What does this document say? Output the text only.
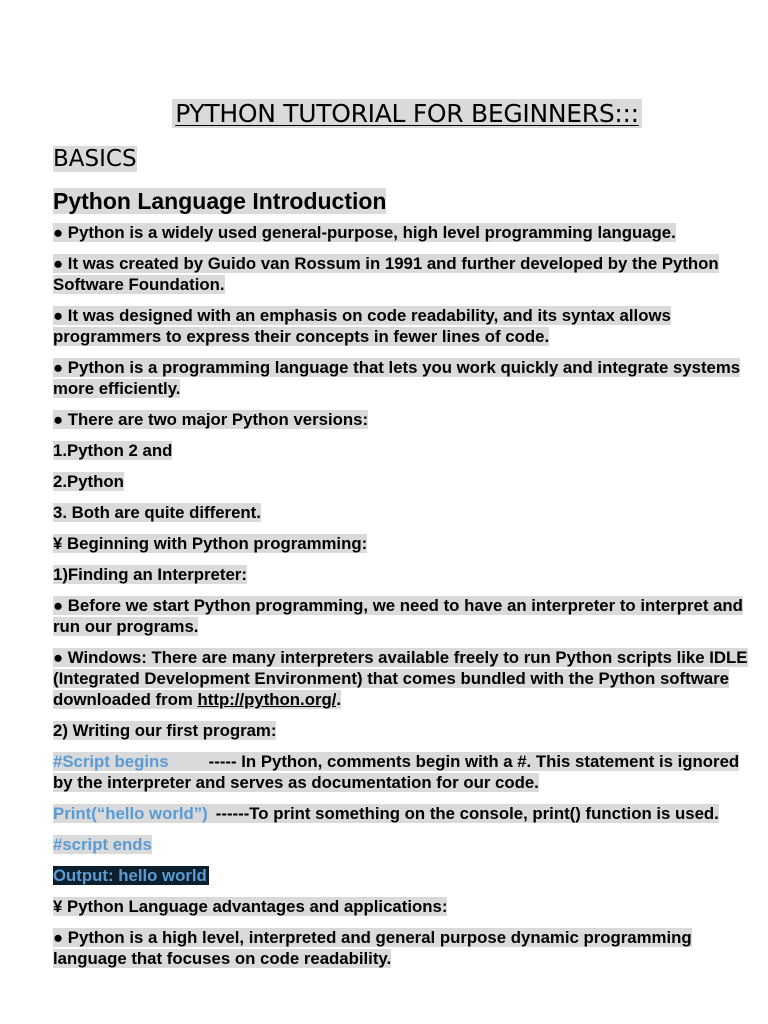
PYTHON TUTORIAL FOR BEGINNERS:::
BASICS
Python Language Introduction

● Python is a widely used general-purpose, high level programming language.

● It was created by Guido van Rossum in 1991 and further developed by the Python Software Foundation.

● It was designed with an emphasis on code readability, and its syntax allows programmers to express their concepts in fewer lines of code.

● Python is a programming language that lets you work quickly and integrate systems more efficiently.

● There are two major Python versions:

1.Python 2 and

2.Python

3. Both are quite different.

¥ Beginning with Python programming:

1)Finding an Interpreter:

● Before we start Python programming, we need to have an interpreter to interpret and run our programs.

● Windows: There are many interpreters available freely to run Python scripts like IDLE (Integrated Development Environment) that comes bundled with the Python software downloaded from http://python.org/.

2) Writing our first program:

#Script begins ----- In Python, comments begin with a #. This statement is ignored by the interpreter and serves as documentation for our code.

Print(“hello world”) ------To print something on the console, print() function is used.

#script ends

Output: hello world

¥ Python Language advantages and applications:

● Python is a high level, interpreted and general purpose dynamic programming language that focuses on code readability.
